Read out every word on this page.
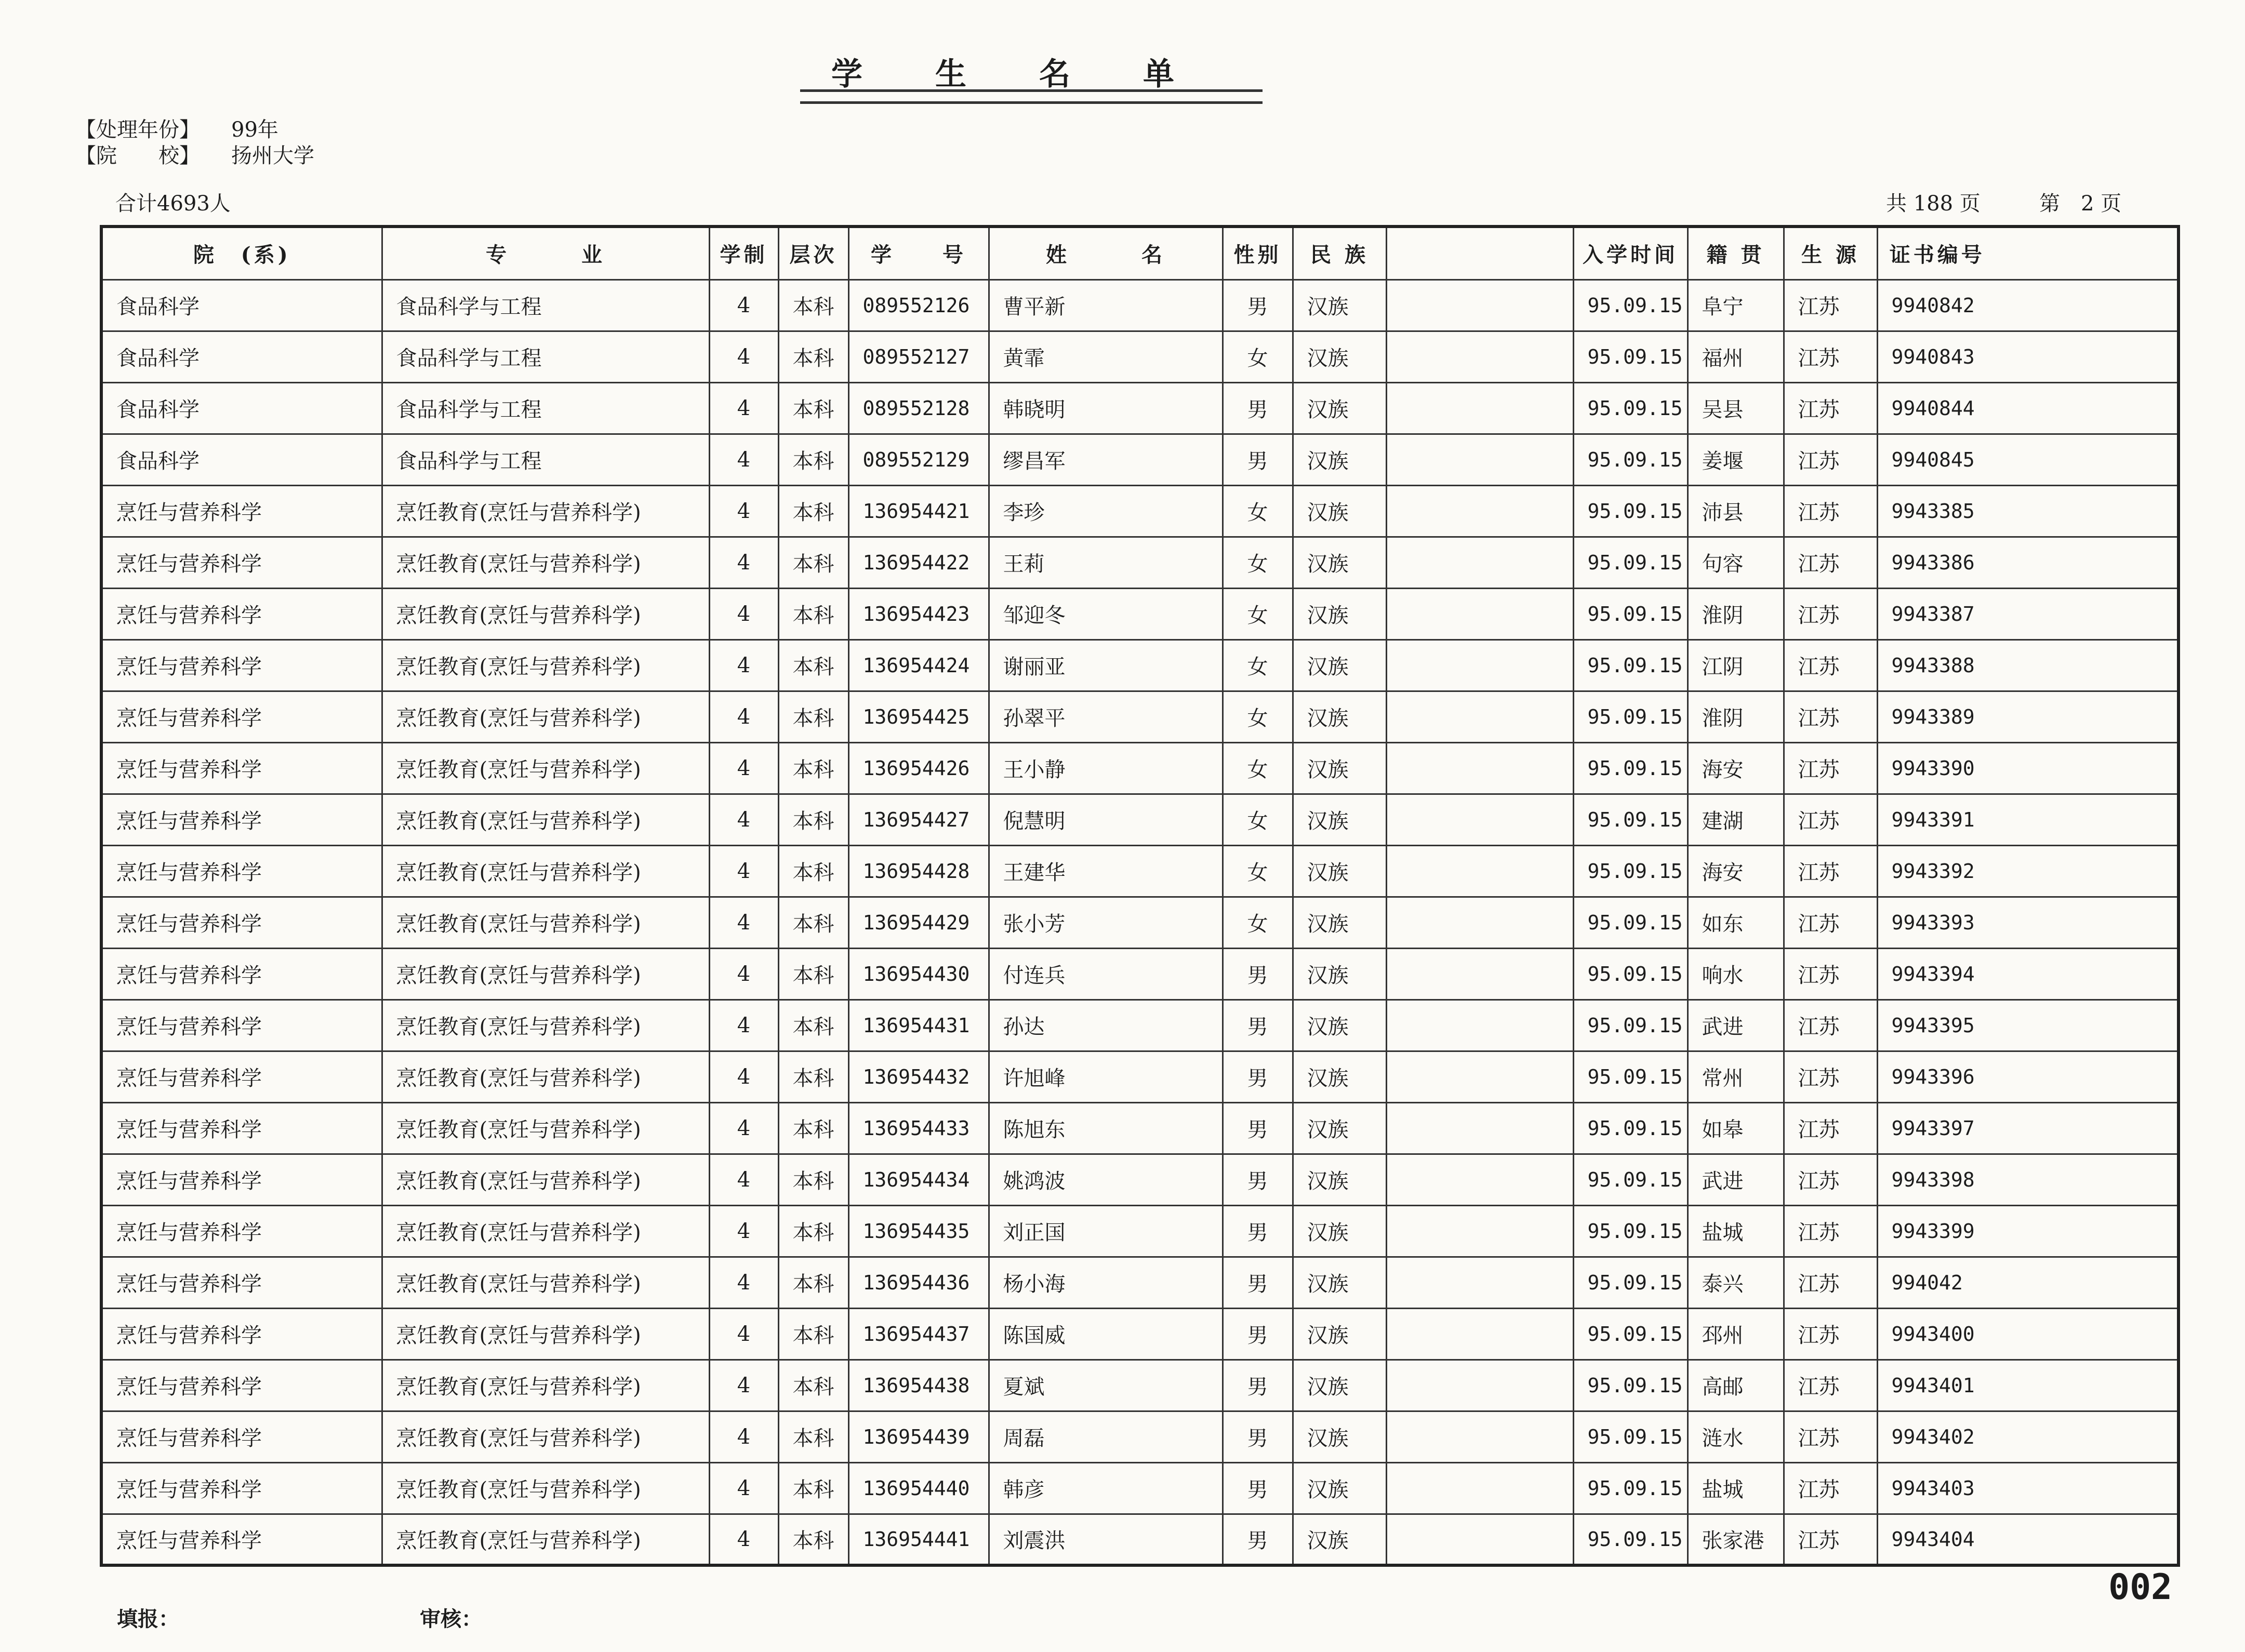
学生名单
【处理年份】 99年
【院　　校】 扬州大学
合计4693人	共 188 页	第　2 页
院　(系)	专　　　业	学制	层次	学　　号	姓　　　名	性别	民 族		入学时间	籍 贯	生 源	证书编号	
食品科学	食品科学与工程	4	本科	089552126	曹平新	男	汉族		95.09.15	阜宁	江苏	9940842	
食品科学	食品科学与工程	4	本科	089552127	黄霏	女	汉族		95.09.15	福州	江苏	9940843	
食品科学	食品科学与工程	4	本科	089552128	韩晓明	男	汉族		95.09.15	吴县	江苏	9940844	
食品科学	食品科学与工程	4	本科	089552129	缪昌军	男	汉族		95.09.15	姜堰	江苏	9940845	
烹饪与营养科学	烹饪教育(烹饪与营养科学)	4	本科	136954421	李珍	女	汉族		95.09.15	沛县	江苏	9943385	
烹饪与营养科学	烹饪教育(烹饪与营养科学)	4	本科	136954422	王莉	女	汉族		95.09.15	句容	江苏	9943386	
烹饪与营养科学	烹饪教育(烹饪与营养科学)	4	本科	136954423	邹迎冬	女	汉族		95.09.15	淮阴	江苏	9943387	
烹饪与营养科学	烹饪教育(烹饪与营养科学)	4	本科	136954424	谢丽亚	女	汉族		95.09.15	江阴	江苏	9943388	
烹饪与营养科学	烹饪教育(烹饪与营养科学)	4	本科	136954425	孙翠平	女	汉族		95.09.15	淮阴	江苏	9943389	
烹饪与营养科学	烹饪教育(烹饪与营养科学)	4	本科	136954426	王小静	女	汉族		95.09.15	海安	江苏	9943390	
烹饪与营养科学	烹饪教育(烹饪与营养科学)	4	本科	136954427	倪慧明	女	汉族		95.09.15	建湖	江苏	9943391	
烹饪与营养科学	烹饪教育(烹饪与营养科学)	4	本科	136954428	王建华	女	汉族		95.09.15	海安	江苏	9943392	
烹饪与营养科学	烹饪教育(烹饪与营养科学)	4	本科	136954429	张小芳	女	汉族		95.09.15	如东	江苏	9943393	
烹饪与营养科学	烹饪教育(烹饪与营养科学)	4	本科	136954430	付连兵	男	汉族		95.09.15	响水	江苏	9943394	
烹饪与营养科学	烹饪教育(烹饪与营养科学)	4	本科	136954431	孙达	男	汉族		95.09.15	武进	江苏	9943395	
烹饪与营养科学	烹饪教育(烹饪与营养科学)	4	本科	136954432	许旭峰	男	汉族		95.09.15	常州	江苏	9943396	
烹饪与营养科学	烹饪教育(烹饪与营养科学)	4	本科	136954433	陈旭东	男	汉族		95.09.15	如皋	江苏	9943397	
烹饪与营养科学	烹饪教育(烹饪与营养科学)	4	本科	136954434	姚鸿波	男	汉族		95.09.15	武进	江苏	9943398	
烹饪与营养科学	烹饪教育(烹饪与营养科学)	4	本科	136954435	刘正国	男	汉族		95.09.15	盐城	江苏	9943399	
烹饪与营养科学	烹饪教育(烹饪与营养科学)	4	本科	136954436	杨小海	男	汉族		95.09.15	泰兴	江苏	994042	
烹饪与营养科学	烹饪教育(烹饪与营养科学)	4	本科	136954437	陈国威	男	汉族		95.09.15	邳州	江苏	9943400	
烹饪与营养科学	烹饪教育(烹饪与营养科学)	4	本科	136954438	夏斌	男	汉族		95.09.15	高邮	江苏	9943401	
烹饪与营养科学	烹饪教育(烹饪与营养科学)	4	本科	136954439	周磊	男	汉族		95.09.15	涟水	江苏	9943402	
烹饪与营养科学	烹饪教育(烹饪与营养科学)	4	本科	136954440	韩彦	男	汉族		95.09.15	盐城	江苏	9943403	
烹饪与营养科学	烹饪教育(烹饪与营养科学)	4	本科	136954441	刘震洪	男	汉族		95.09.15	张家港	江苏	9943404	
填报：	审核：
002
